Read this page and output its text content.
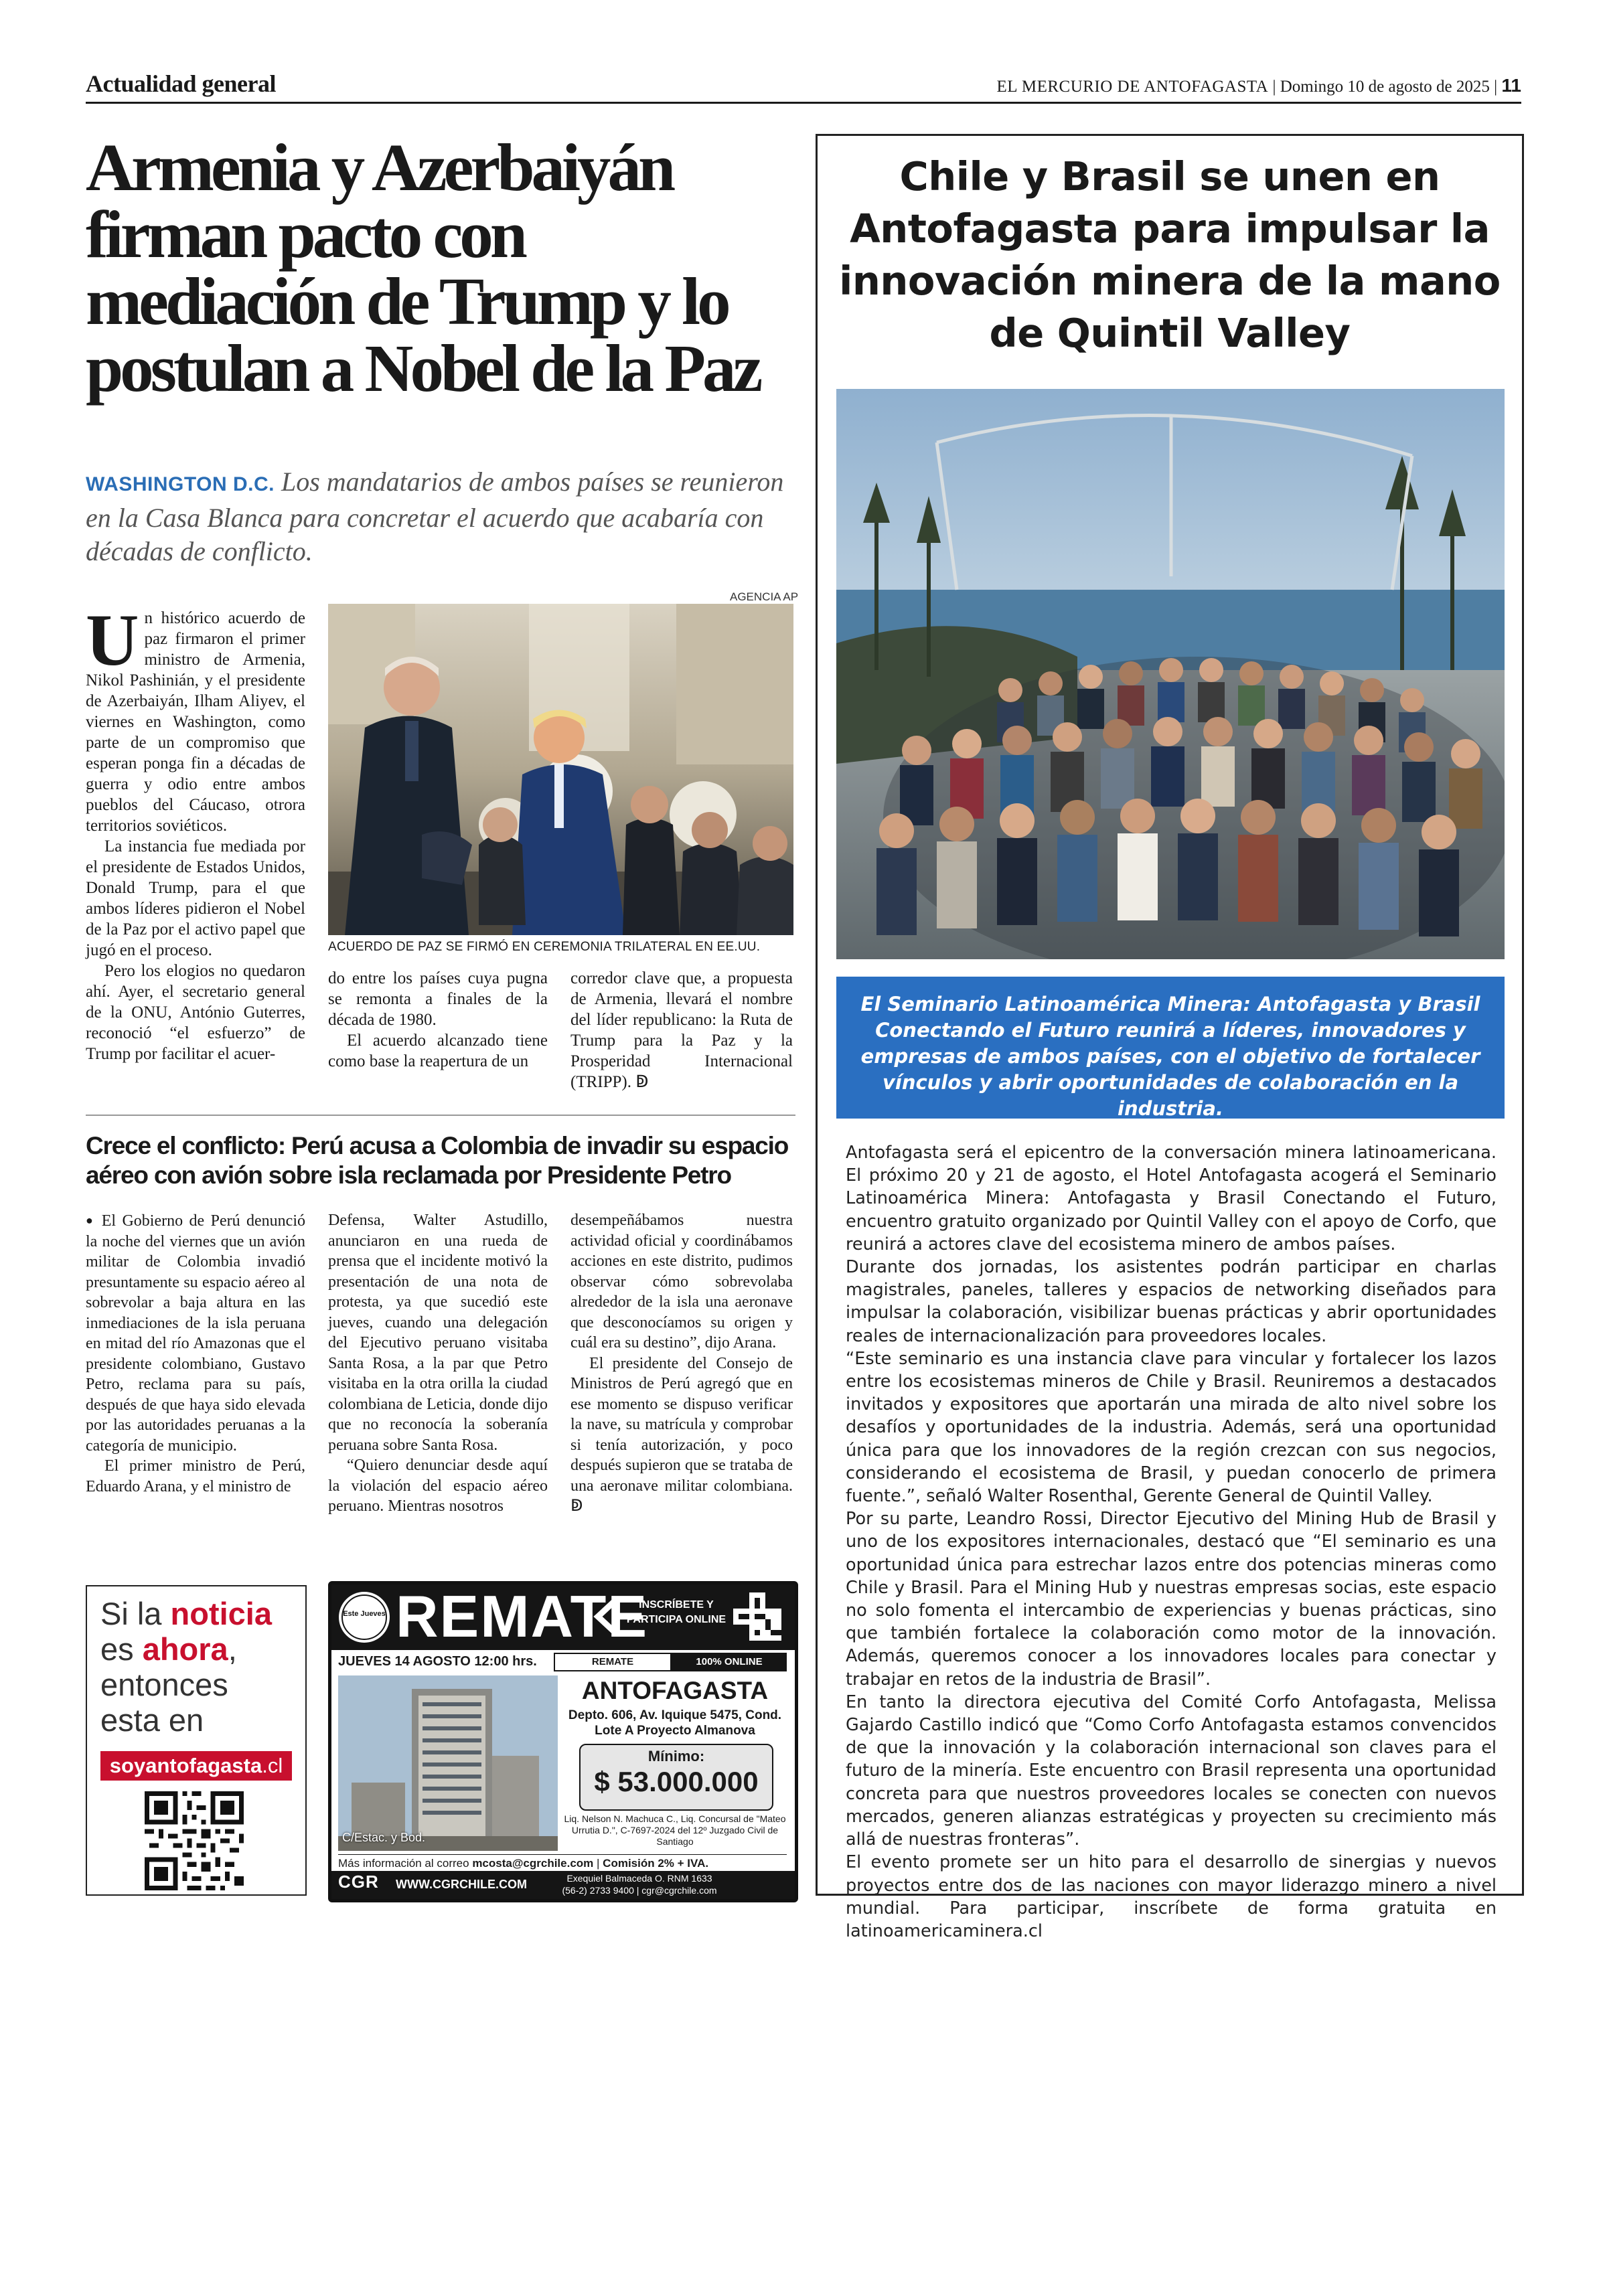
Actualidad general	EL MERCURIO DE ANTOFAGASTA | Domingo 10 de agosto de 2025 | 11
Armenia y Azerbaiyán firman pacto con mediación de Trump y lo postulan a Nobel de la Paz
WASHINGTON D.C. Los mandatarios de ambos países se reunieron en la Casa Blanca para concretar el acuerdo que acabaría con décadas de conflicto.

Un histórico acuerdo de paz firmaron el primer ministro de Armenia, Nikol Pashinián, y el presidente de Azerbaiyán, Ilham Aliyev, el viernes en Washington, como parte de un compromiso que esperan ponga fin a décadas de guerra y odio entre ambos pueblos del Cáucaso, otrora territorios soviéticos.

La instancia fue mediada por el presidente de Estados Unidos, Donald Trump, para el que ambos líderes pidieron el Nobel de la Paz por el activo papel que jugó en el proceso.

Pero los elogios no quedaron ahí. Ayer, el secretario general de la ONU, António Guterres, reconoció “el esfuerzo” de Trump por facilitar el acuer-

AGENCIA AP
ACUERDO DE PAZ SE FIRMÓ EN CEREMONIA TRILATERAL EN EE.UU.

do entre los países cuya pugna se remonta a finales de la década de 1980.

El acuerdo alcanzado tiene como base la reapertura de un

corredor clave que, a propuesta de Armenia, llevará el nombre del líder republicano: la Ruta de Trump para la Paz y la Prosperidad Internacional (TRIPP). ↁ

Crece el conflicto: Perú acusa a Colombia de invadir su espacio aéreo con avión sobre isla reclamada por Presidente Petro

● El Gobierno de Perú denunció la noche del viernes que un avión militar de Colombia invadió presuntamente su espacio aéreo al sobrevolar a baja altura en las inmediaciones de la isla peruana en mitad del río Amazonas que el presidente colombiano, Gustavo Petro, reclama para su país, después de que haya sido elevada por las autoridades peruanas a la categoría de municipio.

El primer ministro de Perú, Eduardo Arana, y el ministro de

Defensa, Walter Astudillo, anunciaron en una rueda de prensa que el incidente motivó la presentación de una nota de protesta, ya que sucedió este jueves, cuando una delegación del Ejecutivo peruano visitaba Santa Rosa, a la par que Petro visitaba en la otra orilla la ciudad colombiana de Leticia, donde dijo que no reconocía la soberanía peruana sobre Santa Rosa.

“Quiero denunciar desde aquí la violación del espacio aéreo peruano. Mientras nosotros

desempeñábamos nuestra actividad oficial y coordinábamos acciones en este distrito, pudimos observar cómo sobrevolaba alrededor de la isla una aeronave que desconocíamos su origen y cuál era su destino”, dijo Arana.

El presidente del Consejo de Ministros de Perú agregó que en ese momento se dispuso verificar la nave, su matrícula y comprobar si tenía autorización, y poco después supieron que se trataba de una aeronave militar colombiana. ↁ

Si la noticia
es ahora,
entonces
esta en
soyantofagasta.cl
Este Jueves REMATE
INSCRÍBETE Y PARTICIPA ONLINE
JUEVES 14 AGOSTO 12:00 hrs.	REMATE	100% ONLINE
C/Estac. y Bod.
ANTOFAGASTA
Depto. 606, Av. Iquique 5475, Cond. Lote A Proyecto Almanova
Mínimo:
$ 53.000.000
Liq. Nelson N. Machuca C., Liq. Concursal de "Mateo Urrutia D.", C-7697-2024 del 12º Juzgado Civil de Santiago
Más información al correo mcosta@cgrchile.com | Comisión 2% + IVA.
CGR WWW.CGRCHILE.COM	Exequiel Balmaceda O. RNM 1633
(56-2) 2733 9400 | cgr@cgrchile.com
Chile y Brasil se unen en Antofagasta para impulsar la innovación minera de la mano de Quintil Valley
El Seminario Latinoamérica Minera: Antofagasta y Brasil Conectando el Futuro reunirá a líderes, innovadores y empresas de ambos países, con el objetivo de fortalecer vínculos y abrir oportunidades de colaboración en la industria.

Antofagasta será el epicentro de la conversación minera latinoamericana. El próximo 20 y 21 de agosto, el Hotel Antofagasta acogerá el Seminario Latinoamérica Minera: Antofagasta y Brasil Conectando el Futuro, encuentro gratuito organizado por Quintil Valley con el apoyo de Corfo, que reunirá a actores clave del ecosistema minero de ambos países.

Durante dos jornadas, los asistentes podrán participar en charlas magistrales, paneles, talleres y espacios de networking diseñados para impulsar la colaboración, visibilizar buenas prácticas y abrir oportunidades reales de internacionalización para proveedores locales.

“Este seminario es una instancia clave para vincular y fortalecer los lazos entre los ecosistemas mineros de Chile y Brasil. Reuniremos a destacados invitados y expositores que aportarán una mirada de alto nivel sobre los desafíos y oportunidades de la industria. Además, será una oportunidad única para que los innovadores de la región crezcan con sus negocios, considerando el ecosistema de Brasil, y puedan conocerlo de primera fuente.”, señaló Walter Rosenthal, Gerente General de Quintil Valley.

Por su parte, Leandro Rossi, Director Ejecutivo del Mining Hub de Brasil y uno de los expositores internacionales, destacó que “El seminario es una oportunidad única para estrechar lazos entre dos potencias mineras como Chile y Brasil. Para el Mining Hub y nuestras empresas socias, este espacio no solo fomenta el intercambio de experiencias y buenas prácticas, sino que también fortalece la colaboración como motor de la innovación. Además, queremos conocer a los innovadores locales para conectar y trabajar en retos de la industria de Brasil”.

En tanto la directora ejecutiva del Comité Corfo Antofagasta, Melissa Gajardo Castillo indicó que “Como Corfo Antofagasta estamos convencidos de que la innovación y la colaboración internacional son claves para el futuro de la minería. Este encuentro con Brasil representa una oportunidad concreta para que nuestros proveedores locales se conecten con nuevos mercados, generen alianzas estratégicas y proyecten su crecimiento más allá de nuestras fronteras”.

El evento promete ser un hito para el desarrollo de sinergias y nuevos proyectos entre dos de las naciones con mayor liderazgo minero a nivel mundial. Para participar, inscríbete de forma gratuita en latinoamericaminera.cl
